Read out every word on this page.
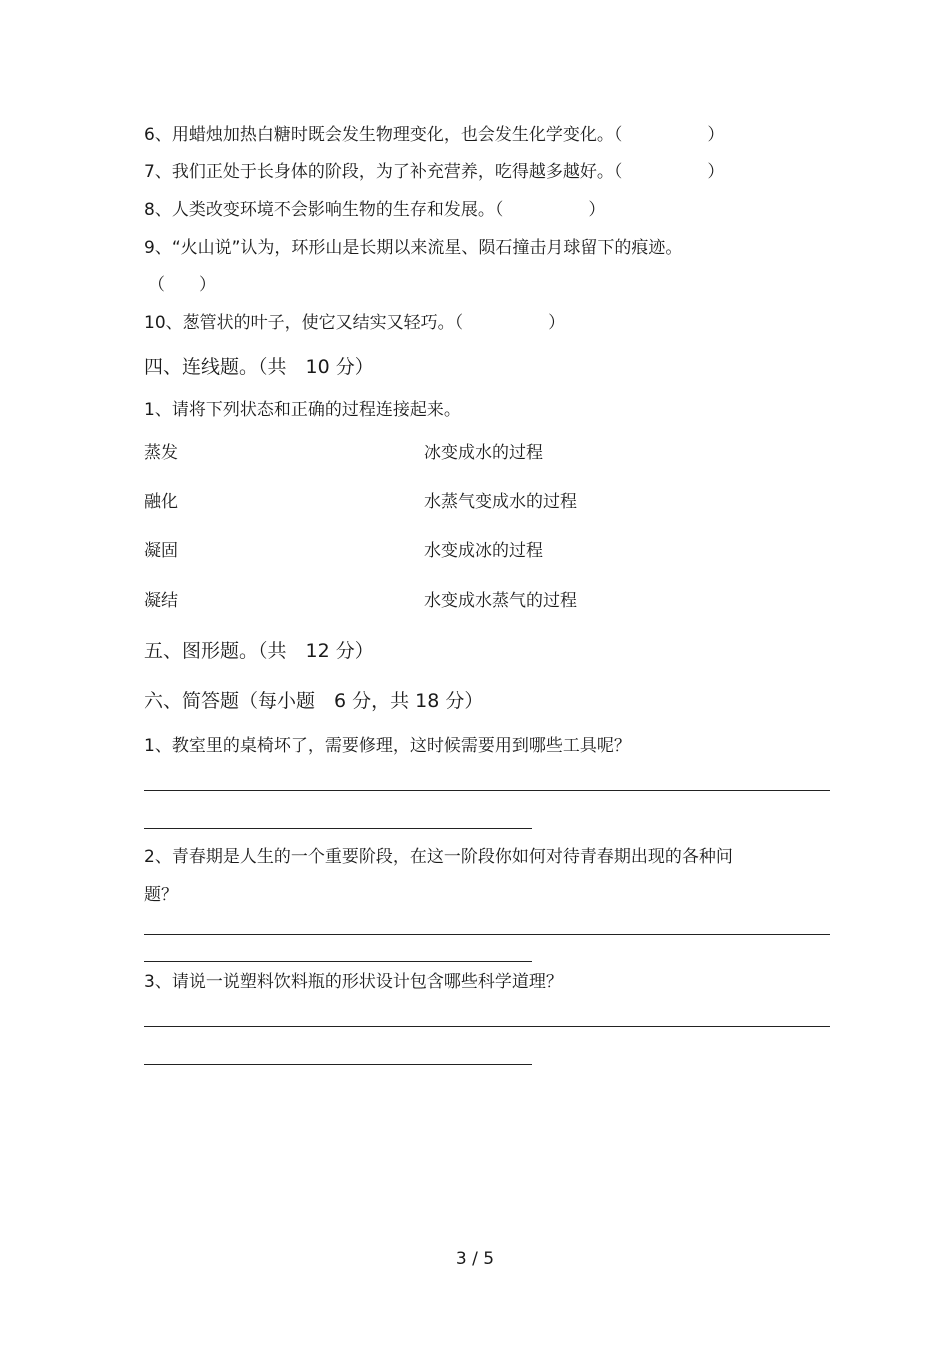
6、用蜡烛加热白糖时既会发生物理变化，也会发生化学变化。（　　　　　）
7、我们正处于长身体的阶段，为了补充营养，吃得越多越好。（　　　　　）
8、人类改变环境不会影响生物的生存和发展。（　　　　　）
9、“火山说”认为，环形山是长期以来流星、陨石撞击月球留下的痕迹。
（　　）
10、葱管状的叶子，使它又结实又轻巧。（　　　　　）
四、连线题。（共　10 分）
1、请将下列状态和正确的过程连接起来。
蒸发	冰变成水的过程
融化	水蒸气变成水的过程
凝固	水变成冰的过程
凝结	水变成水蒸气的过程
五、图形题。（共　12 分）
六、简答题（每小题　6 分，共 18 分）
1、教室里的桌椅坏了，需要修理，这时候需要用到哪些工具呢？
2、青春期是人生的一个重要阶段，在这一阶段你如何对待青春期出现的各种问
题？
3、请说一说塑料饮料瓶的形状设计包含哪些科学道理？
3 / 5
